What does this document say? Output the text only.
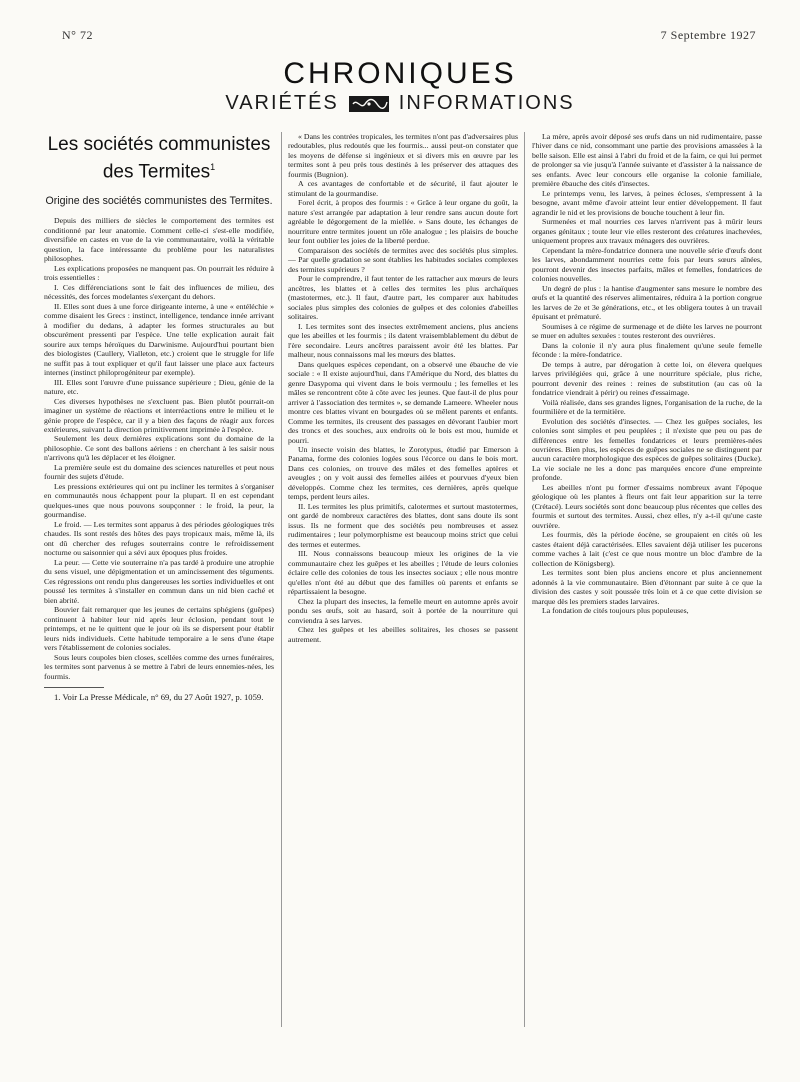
N° 72	7 Septembre 1927
CHRONIQUES
VARIÉTÉS	INFORMATIONS
Les sociétés communistes des Termites$^1$
Origine des sociétés communistes des Termites.

Depuis des milliers de siècles le comportement des termites est conditionné par leur anatomie. Comment celle-ci s'est-elle modifiée, diversifiée en castes en vue de la vie communautaire, voilà la véritable question, la face intéressante du problème pour les naturalistes philosophes.

Les explications proposées ne manquent pas. On pourrait les réduire à trois essentielles :

I. Ces différenciations sont le fait des influences de milieu, des nécessités, des forces modelantes s'exerçant du dehors.

II. Elles sont dues à une force dirigeante interne, à une « entéléchie » comme disaient les Grecs : instinct, intelligence, tendance innée arrivant à modifier du dedans, à adapter les formes structurales au but obscurément pressenti par l'espèce. Une telle explication aurait fait sourire aux temps héroïques du Darwinisme. Aujourd'hui pourtant bien des biologistes (Caullery, Vialleton, etc.) croient que le struggle for life ne suffit pas à tout expliquer et qu'il faut laisser une place aux facteurs internes (instinct philoprogéniteur par exemple).

III. Elles sont l'œuvre d'une puissance supérieure ; Dieu, génie de la nature, etc.

Ces diverses hypothèses ne s'excluent pas. Bien plutôt pourrait-on imaginer un système de réactions et interréactions entre le milieu et le génie propre de l'espèce, car il y a bien des façons de réagir aux forces extérieures, suivant la direction primitivement imprimée à l'espèce.

Seulement les deux dernières explications sont du domaine de la philosophie. Ce sont des ballons aériens : en cherchant à les saisir nous n'arrivons qu'à les déplacer et les éloigner.

La première seule est du domaine des sciences naturelles et peut nous fournir des sujets d'étude.

Les pressions extérieures qui ont pu incliner les termites à s'organiser en communautés nous échappent pour la plupart. Il en est cependant quelques-unes que nous pouvons soupçonner : le froid, la peur, la gourmandise.

Le froid. — Les termites sont apparus à des périodes géologiques très chaudes. Ils sont restés des hôtes des pays tropicaux mais, même là, ils ont dû chercher des refuges souterrains contre le refroidissement nocturne ou saisonnier qui a sévi aux époques plus froides.

La peur. — Cette vie souterraine n'a pas tardé à produire une atrophie du sens visuel, une dépigmentation et un amincissement des téguments. Ces régressions ont rendu plus dangereuses les sorties individuelles et ont poussé les termites à s'installer en commun dans un nid bien caché et bien abrité.

Bouvier fait remarquer que les jeunes de certains sphégiens (guêpes) continuent à habiter leur nid après leur éclosion, pendant tout le printemps, et ne le quittent que le jour où ils se dispersent pour établir leurs nids individuels. Cette habitude temporaire a le sens d'une étape vers l'établissement de colonies sociales.

Sous leurs coupoles bien closes, scellées comme des urnes funéraires, les termites sont parvenus à se mettre à l'abri de leurs ennemies-nées, les fourmis.

1. Voir La Presse Médicale, n° 69, du 27 Août 1927, p. 1059.

« Dans les contrées tropicales, les termites n'ont pas d'adversaires plus redoutables, plus redoutés que les fourmis... aussi peut-on constater que les moyens de défense si ingénieux et si divers mis en œuvre par les termites sont à peu près tous destinés à les préserver des attaques des fourmis (Bugnion).

A ces avantages de confortable et de sécurité, il faut ajouter le stimulant de la gourmandise.

Forel écrit, à propos des fourmis : « Grâce à leur organe du goût, la nature s'est arrangée par adaptation à leur rendre sans aucun doute fort agréable le dégorgement de la miellée. » Sans doute, les échanges de nourriture entre termites jouent un rôle analogue ; les plaisirs de bouche leur font oublier les joies de la liberté perdue.

Comparaison des sociétés de termites avec des sociétés plus simples. — Par quelle gradation se sont établies les habitudes sociales complexes des termites supérieurs ?

Pour le comprendre, il faut tenter de les rattacher aux mœurs de leurs ancêtres, les blattes et à celles des termites les plus archaïques (mastotermes, etc.). Il faut, d'autre part, les comparer aux habitudes sociales plus simples des colonies de guêpes et des colonies d'abeilles solitaires.

I. Les termites sont des insectes extrêmement anciens, plus anciens que les abeilles et les fourmis ; ils datent vraisemblablement du début de l'ère secondaire. Leurs ancêtres paraissent avoir été les blattes. Par malheur, nous connaissons mal les mœurs des blattes.

Dans quelques espèces cependant, on a observé une ébauche de vie sociale : « Il existe aujourd'hui, dans l'Amérique du Nord, des blattes du genre Dasypoma qui vivent dans le bois vermoulu ; les femelles et les mâles se rencontrent côte à côte avec les jeunes. Que faut-il de plus pour arriver à l'association des termites », se demande Lameere. Wheeler nous montre ces blattes vivant en bourgades où se mêlent parents et enfants. Comme les termites, ils creusent des passages en dévorant l'aubier mort des troncs et des souches, aux endroits où le bois est mou, humide et pourri.

Un insecte voisin des blattes, le Zorotypus, étudié par Emerson à Panama, forme des colonies logées sous l'écorce ou dans le bois mort. Dans ces colonies, on trouve des mâles et des femelles aptères et aveugles ; on y voit aussi des femelles ailées et pourvues d'yeux bien développés. Comme chez les termites, ces dernières, après quelque temps, perdent leurs ailes.

II. Les termites les plus primitifs, calotermes et surtout mastotermes, ont gardé de nombreux caractères des blattes, dont sans doute ils sont issus. Ils ne forment que des sociétés peu nombreuses et assez rudimentaires ; leur polymorphisme est beaucoup moins strict que celui des termes et eutermes.

III. Nous connaissons beaucoup mieux les origines de la vie communautaire chez les guêpes et les abeilles ; l'étude de leurs colonies éclaire celle des colonies de tous les insectes sociaux ; elle nous montre qu'elles n'ont été au début que des familles où parents et enfants se répartissaient la besogne.

Chez la plupart des insectes, la femelle meurt en automne après avoir pondu ses œufs, soit au hasard, soit à portée de la nourriture qui conviendra à ses larves.

Chez les guêpes et les abeilles solitaires, les choses se passent autrement.

La mère, après avoir déposé ses œufs dans un nid rudimentaire, passe l'hiver dans ce nid, consommant une partie des provisions amassées à la belle saison. Elle est ainsi à l'abri du froid et de la faim, ce qui lui permet de prolonger sa vie jusqu'à l'année suivante et d'assister à la naissance de ses enfants. Avec leur concours elle organise la colonie familiale, première ébauche des cités d'insectes.

Le printemps venu, les larves, à peines écloses, s'empressent à la besogne, avant même d'avoir atteint leur entier développement. Il faut agrandir le nid et les provisions de bouche touchent à leur fin.

Surmenées et mal nourries ces larves n'arrivent pas à mûrir leurs organes génitaux ; toute leur vie elles resteront des créatures inachevées, uniquement propres aux travaux ménagers des ouvrières.

Cependant la mère-fondatrice donnera une nouvelle série d'œufs dont les larves, abondamment nourries cette fois par leurs sœurs aînées, pourront devenir des insectes parfaits, mâles et femelles, fondatrices de colonies nouvelles.

Un degré de plus : la hantise d'augmenter sans mesure le nombre des œufs et la quantité des réserves alimentaires, réduira à la portion congrue les larves de 2e et 3e générations, etc., et les obligera toutes à un travail épuisant et prématuré.

Soumises à ce régime de surmenage et de diète les larves ne pourront se muer en adultes sexuées : toutes resteront des ouvrières.

Dans la colonie il n'y aura plus finalement qu'une seule femelle féconde : la mère-fondatrice.

De temps à autre, par dérogation à cette loi, on élevera quelques larves privilégiées qui, grâce à une nourriture spéciale, plus riche, pourront devenir des reines : reines de substitution (au cas où la fondatrice viendrait à périr) ou reines d'essaimage.

Voilà réalisée, dans ses grandes lignes, l'organisation de la ruche, de la fourmilière et de la termitière.

Evolution des sociétés d'insectes. — Chez les guêpes sociales, les colonies sont simples et peu peuplées ; il n'existe que peu ou pas de différences entre les femelles fondatrices et leurs premières-nées ouvrières. Bien plus, les espèces de guêpes sociales ne se distinguent par aucun caractère morphologique des espèces de guêpes solitaires (Ducke). La vie sociale ne les a donc pas marquées encore d'une empreinte profonde.

Les abeilles n'ont pu former d'essaims nombreux avant l'époque géologique où les plantes à fleurs ont fait leur apparition sur la terre (Crétacé). Leurs sociétés sont donc beaucoup plus récentes que celles des fourmis et surtout des termites. Aussi, chez elles, n'y a-t-il qu'une caste ouvrière.

Les fourmis, dès la période éocène, se groupaient en cités où les castes étaient déjà caractérisées. Elles savaient déjà utiliser les pucerons comme vaches à lait (c'est ce que nous montre un bloc d'ambre de la collection de Königsberg).

Les termites sont bien plus anciens encore et plus anciennement adonnés à la vie communautaire. Bien d'étonnant par suite à ce que la division des castes y soit poussée très loin et à ce que cette division se marque dès les premiers stades larvaires.

La fondation de cités toujours plus populeuses,
